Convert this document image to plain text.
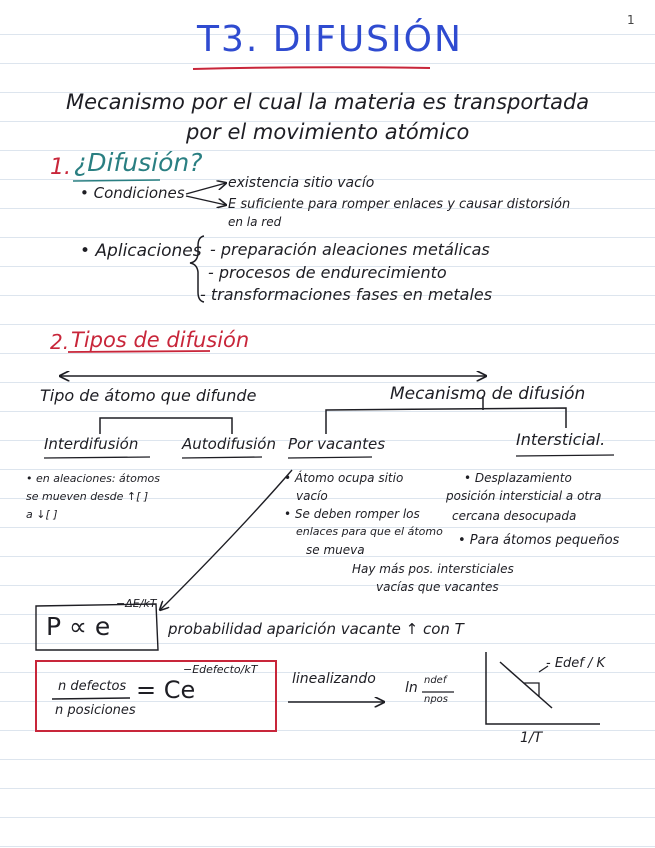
1
T3. DIFUSIÓN
Mecanismo por el cual la materia es transportada
por el movimiento atómico
1. ¿Difusión?
• Condiciones
existencia sitio vacío
E suficiente para romper enlaces y causar distorsión
en la red
• Aplicaciones - preparación aleaciones metálicas
- procesos de endurecimiento
- transformaciones fases en metales
2. Tipos de difusión
Tipo de átomo que difunde	Mecanismo de difusión
Interdifusión	Autodifusión Por vacantes	Intersticial.
• en aleaciones: átomos
se mueven desde ↑[ ]
a ↓[ ]
• Átomo ocupa sitio
vacío
• Se deben romper los
enlaces para que el átomo
se mueva
• Desplazamiento
posición intersticial a otra
cercana desocupada
• Para átomos pequeños
Hay más pos. intersticiales
vacías que vacantes
P ∝ e
−ΔE/kT
probabilidad aparición vacante ↑ con T
n defectos
n posiciones
= Ce
−Edefecto/kT
linealizando
ln ndef
npos
- Edef / K
1/T
